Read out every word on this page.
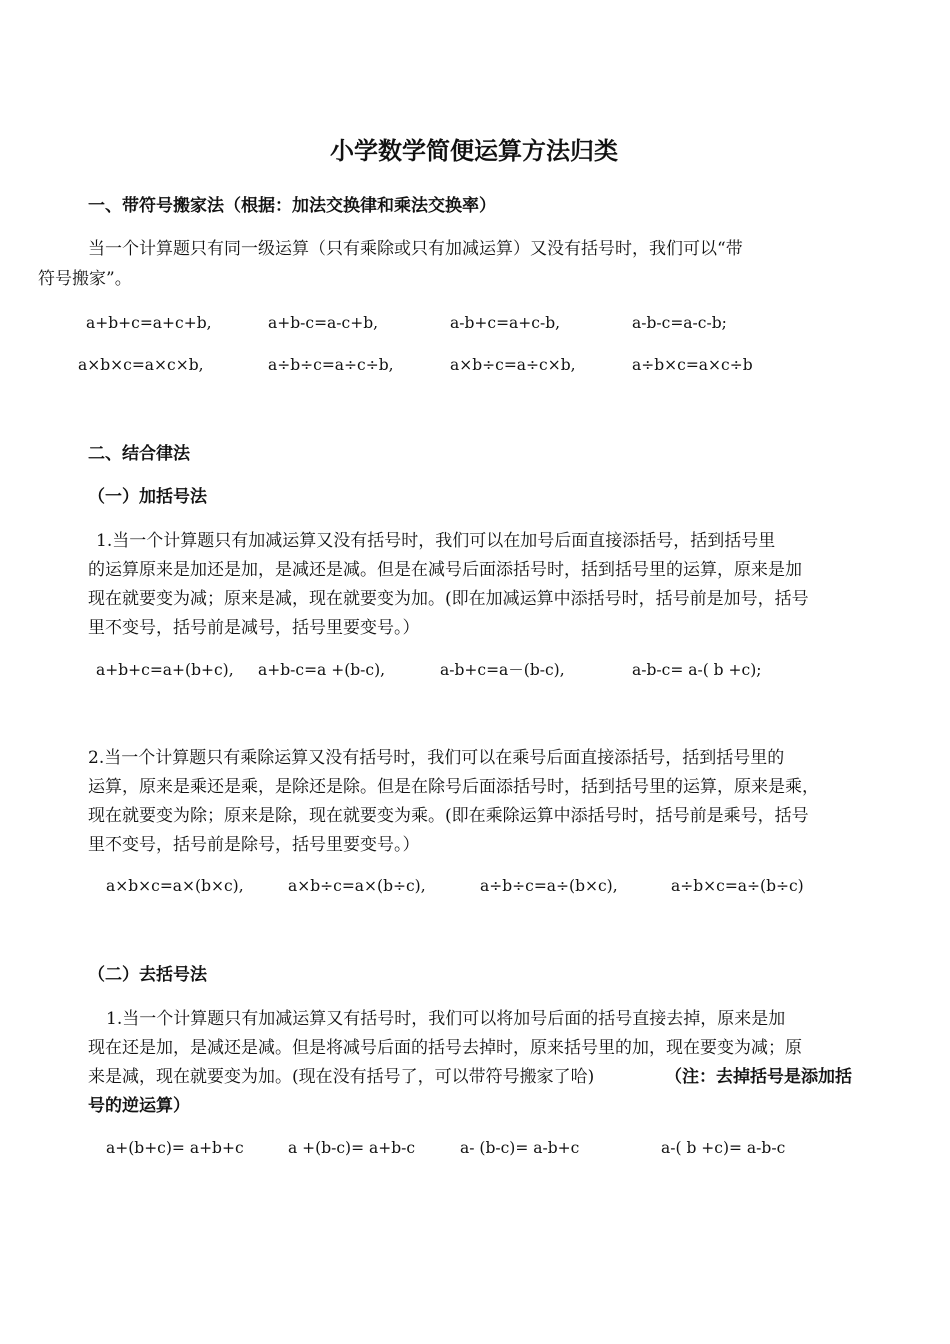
小学数学简便运算方法归类
一、带符号搬家法（根据：加法交换律和乘法交换率）
当一个计算题只有同一级运算（只有乘除或只有加减运算）又没有括号时，我们可以“带
符号搬家”。
a+b+c=a+c+b,	a+b-c=a-c+b,	a-b+c=a+c-b,	a-b-c=a-c-b;
a×b×c=a×c×b,	a÷b÷c=a÷c÷b,	a×b÷c=a÷c×b,	a÷b×c=a×c÷b
二、结合律法
（一）加括号法
1.当一个计算题只有加减运算又没有括号时，我们可以在加号后面直接添括号，括到括号里
的运算原来是加还是加，是减还是减。但是在减号后面添括号时，括到括号里的运算，原来是加
现在就要变为减；原来是减，现在就要变为加。(即在加减运算中添括号时，括号前是加号，括号
里不变号，括号前是减号，括号里要变号。）
a+b+c=a+(b+c), a+b-c=a +(b-c),	a-b+c=a－(b-c),	a-b-c= a-( b +c);
2.当一个计算题只有乘除运算又没有括号时，我们可以在乘号后面直接添括号，括到括号里的
运算，原来是乘还是乘，是除还是除。但是在除号后面添括号时，括到括号里的运算，原来是乘，
现在就要变为除；原来是除，现在就要变为乘。(即在乘除运算中添括号时，括号前是乘号，括号
里不变号，括号前是除号，括号里要变号。）
a×b×c=a×(b×c),	a×b÷c=a×(b÷c),	a÷b÷c=a÷(b×c),	a÷b×c=a÷(b÷c)
（二）去括号法
1.当一个计算题只有加减运算又有括号时，我们可以将加号后面的括号直接去掉，原来是加
现在还是加，是减还是减。但是将减号后面的括号去掉时，原来括号里的加，现在要变为减；原
来是减，现在就要变为加。(现在没有括号了，可以带符号搬家了哈)	（注：去掉括号是添加括
号的逆运算）
a+(b+c)= a+b+c	a +(b-c)= a+b-c	a- (b-c)= a-b+c	a-( b +c)= a-b-c
